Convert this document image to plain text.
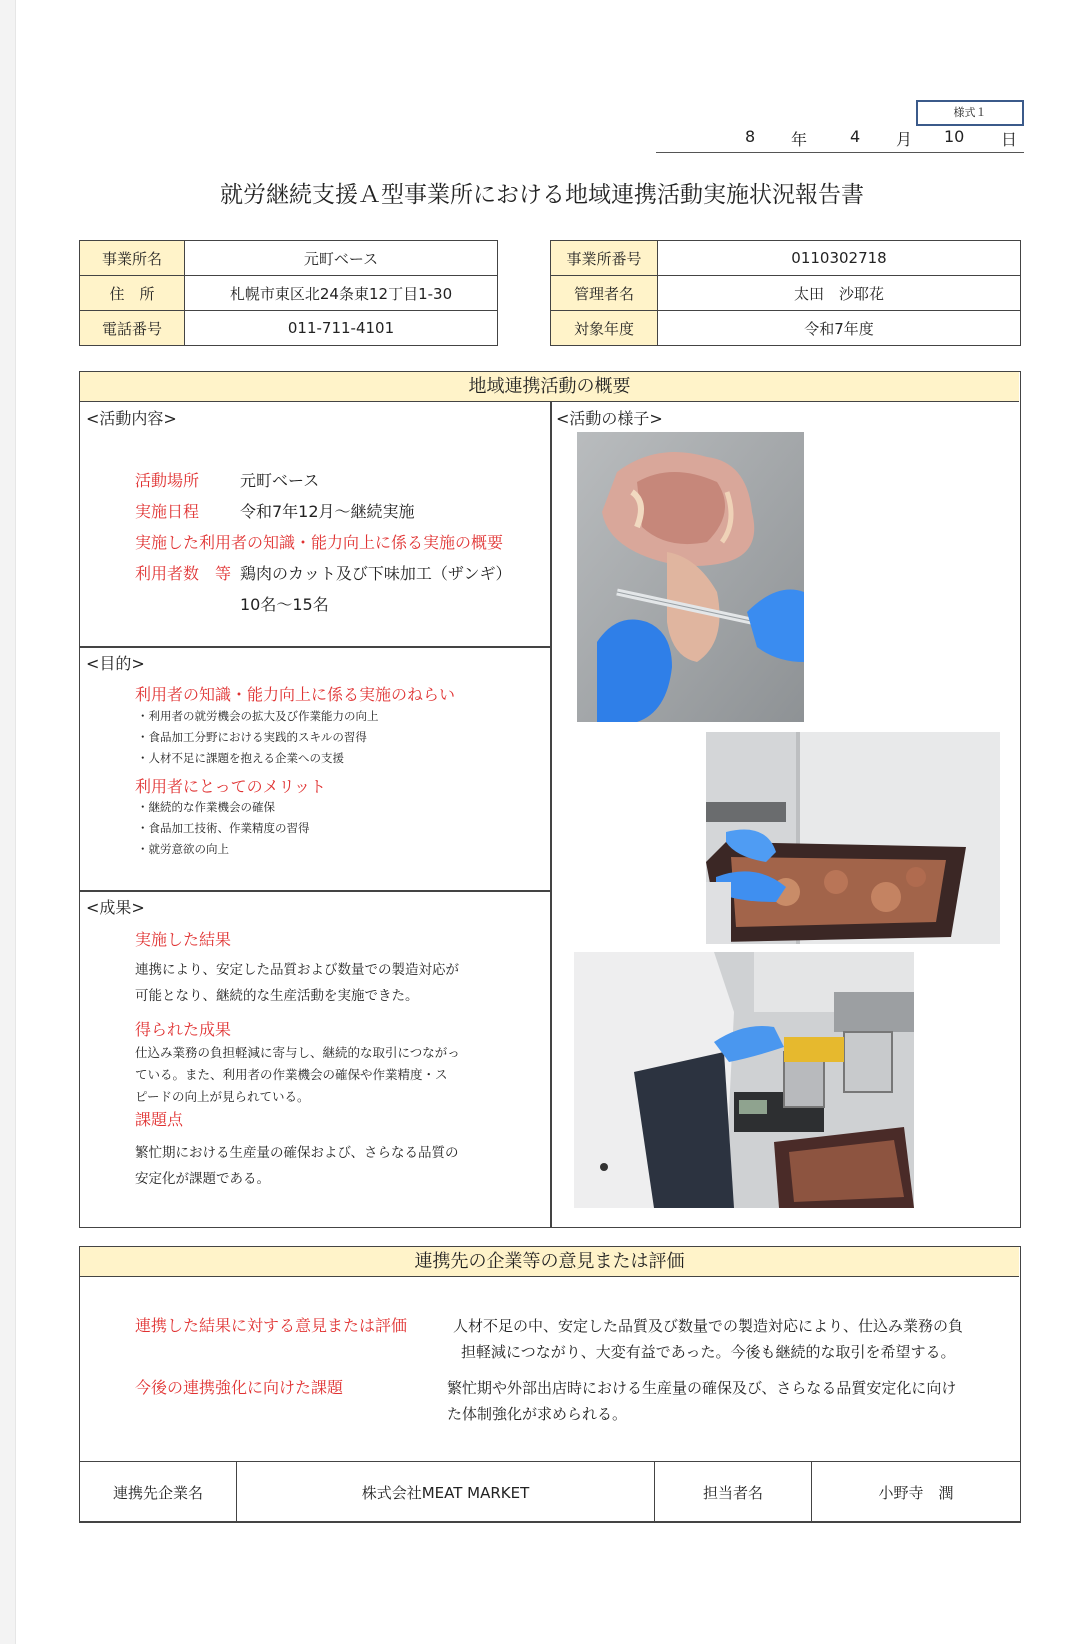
様式１
8 年	4 月 10 日
就労継続支援Ａ型事業所における地域連携活動実施状況報告書
事業所名	元町ベース
住　所	札幌市東区北24条東12丁目1-30
電話番号	011-711-4101
事業所番号	0110302718
管理者名	太田　沙耶花
対象年度	令和7年度
地域連携活動の概要
<活動内容>
活動場所	元町ベース
実施日程	令和7年12月～継続実施
実施した利用者の知識・能力向上に係る実施の概要
利用者数　等 鶏肉のカット及び下味加工（ザンギ）
10名～15名
<目的>
利用者の知識・能力向上に係る実施のねらい
・利用者の就労機会の拡大及び作業能力の向上
・食品加工分野における実践的スキルの習得
・人材不足に課題を抱える企業への支援
利用者にとってのメリット
・継続的な作業機会の確保
・食品加工技術、作業精度の習得
・就労意欲の向上
<成果>
実施した結果
連携により、安定した品質および数量での製造対応が
可能となり、継続的な生産活動を実施できた。
得られた成果
仕込み業務の負担軽減に寄与し、継続的な取引につながっ
ている。また、利用者の作業機会の確保や作業精度・ス
ピードの向上が見られている。
課題点
繁忙期における生産量の確保および、さらなる品質の
安定化が課題である。
<活動の様子>
連携先の企業等の意見または評価
連携した結果に対する意見または評価	人材不足の中、安定した品質及び数量での製造対応により、仕込み業務の負
担軽減につながり、大変有益であった。今後も継続的な取引を希望する。
今後の連携強化に向けた課題	繁忙期や外部出店時における生産量の確保及び、さらなる品質安定化に向け
た体制強化が求められる。
連携先企業名	株式会社MEAT MARKET	担当者名	小野寺　潤
